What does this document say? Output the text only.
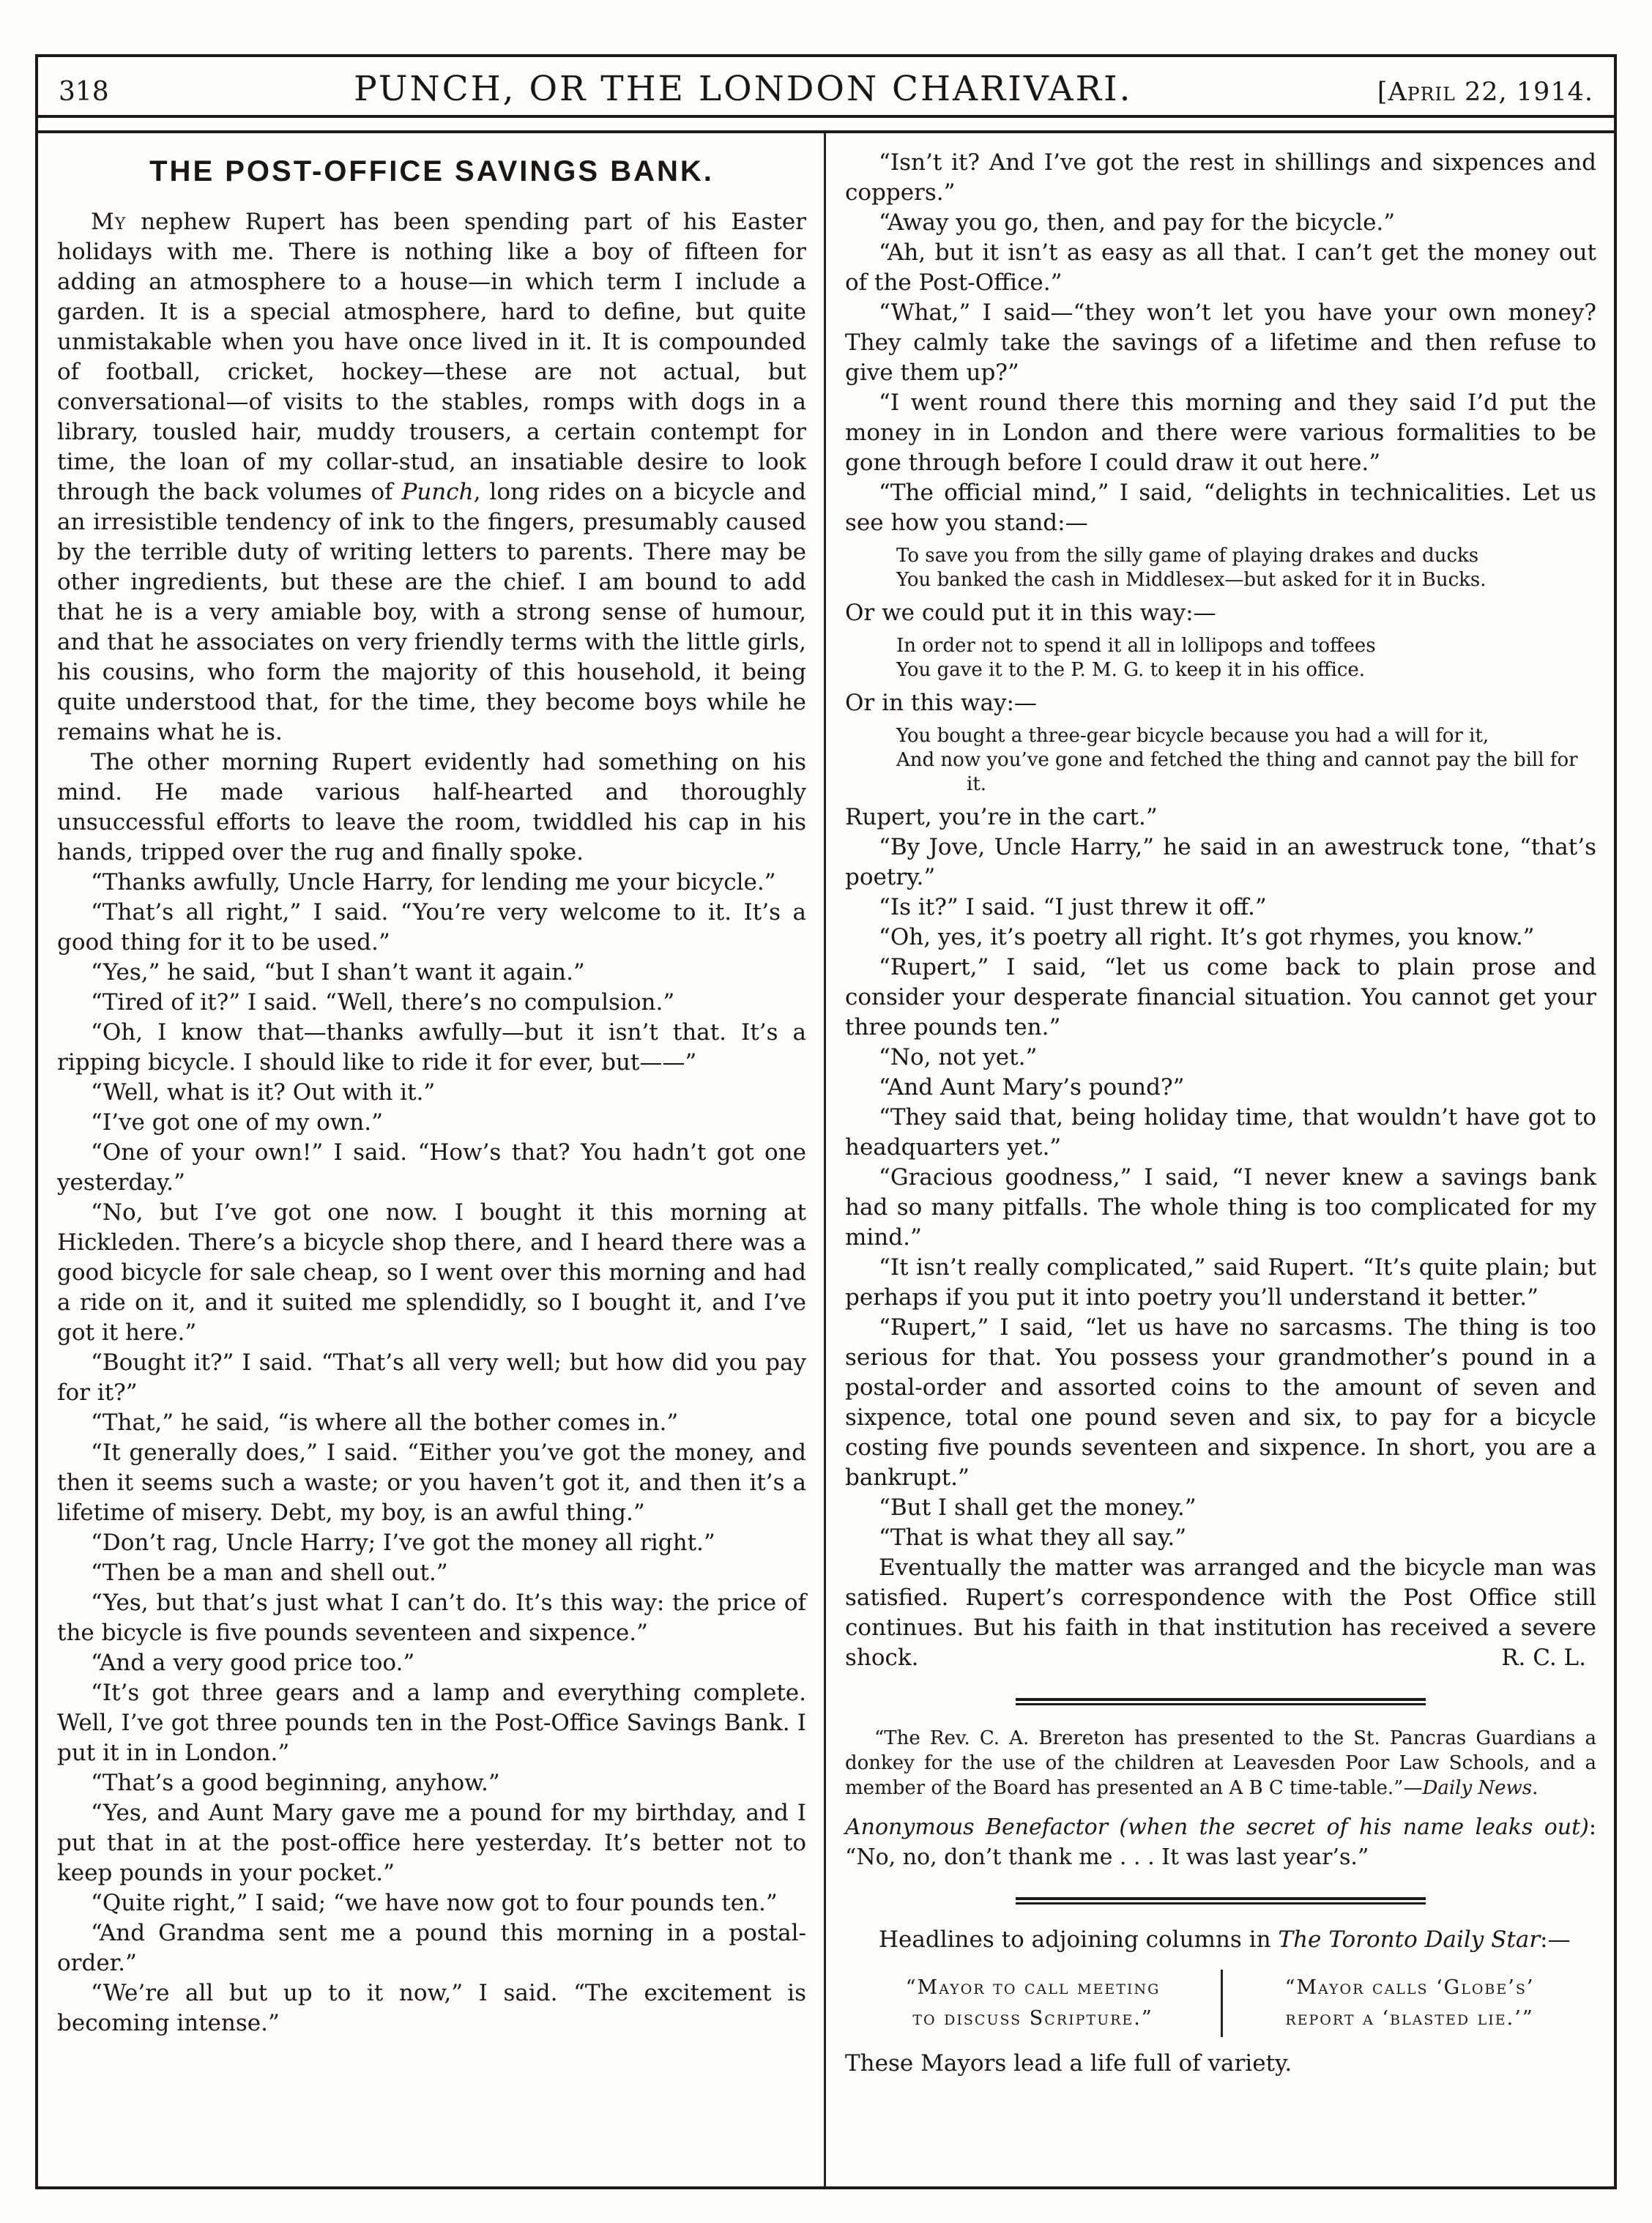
318	PUNCH, OR THE LONDON CHARIVARI.	[April 22, 1914.
THE POST-OFFICE SAVINGS BANK.

My nephew Rupert has been spending part of his Easter holidays with me. There is nothing like a boy of fifteen for adding an atmosphere to a house—in which term I include a garden. It is a special atmosphere, hard to define, but quite unmistakable when you have once lived in it. It is compounded of football, cricket, hockey—these are not actual, but conversational—of visits to the stables, romps with dogs in a library, tousled hair, muddy trousers, a certain contempt for time, the loan of my collar-stud, an insatiable desire to look through the back volumes of Punch, long rides on a bicycle and an irresistible tendency of ink to the fingers, presumably caused by the terrible duty of writing letters to parents. There may be other ingredients, but these are the chief. I am bound to add that he is a very amiable boy, with a strong sense of humour, and that he associates on very friendly terms with the little girls, his cousins, who form the majority of this household, it being quite understood that, for the time, they become boys while he remains what he is.

The other morning Rupert evidently had something on his mind. He made various half-hearted and thoroughly unsuccessful efforts to leave the room, twiddled his cap in his hands, tripped over the rug and finally spoke.

“Thanks awfully, Uncle Harry, for lending me your bicycle.”

“That’s all right,” I said. “You’re very welcome to it. It’s a good thing for it to be used.”

“Yes,” he said, “but I shan’t want it again.”

“Tired of it?” I said. “Well, there’s no compulsion.”

“Oh, I know that—thanks awfully—but it isn’t that. It’s a ripping bicycle. I should like to ride it for ever, but——”

“Well, what is it? Out with it.”

“I’ve got one of my own.”

“One of your own!” I said. “How’s that? You hadn’t got one yesterday.”

“No, but I’ve got one now. I bought it this morning at Hickleden. There’s a bicycle shop there, and I heard there was a good bicycle for sale cheap, so I went over this morning and had a ride on it, and it suited me splendidly, so I bought it, and I’ve got it here.”

“Bought it?” I said. “That’s all very well; but how did you pay for it?”

“That,” he said, “is where all the bother comes in.”

“It generally does,” I said. “Either you’ve got the money, and then it seems such a waste; or you haven’t got it, and then it’s a lifetime of misery. Debt, my boy, is an awful thing.”

“Don’t rag, Uncle Harry; I’ve got the money all right.”

“Then be a man and shell out.”

“Yes, but that’s just what I can’t do. It’s this way: the price of the bicycle is five pounds seventeen and sixpence.”

“And a very good price too.”

“It’s got three gears and a lamp and everything complete. Well, I’ve got three pounds ten in the Post-Office Savings Bank. I put it in in London.”

“That’s a good beginning, anyhow.”

“Yes, and Aunt Mary gave me a pound for my birthday, and I put that in at the post-office here yesterday. It’s better not to keep pounds in your pocket.”

“Quite right,” I said; “we have now got to four pounds ten.”

“And Grandma sent me a pound this morning in a postal-order.”

“We’re all but up to it now,” I said. “The excitement is becoming intense.”

“Isn’t it? And I’ve got the rest in shillings and sixpences and coppers.”

“Away you go, then, and pay for the bicycle.”

“Ah, but it isn’t as easy as all that. I can’t get the money out of the Post-Office.”

“What,” I said—“they won’t let you have your own money? They calmly take the savings of a lifetime and then refuse to give them up?”

“I went round there this morning and they said I’d put the money in in London and there were various formalities to be gone through before I could draw it out here.”

“The official mind,” I said, “delights in technicalities. Let us see how you stand:—

To save you from the silly game of playing drakes and ducks
You banked the cash in Middlesex—but asked for it in Bucks.

Or we could put it in this way:—

In order not to spend it all in lollipops and toffees
You gave it to the P. M. G. to keep it in his office.

Or in this way:—

You bought a three-gear bicycle because you had a will for it,
And now you’ve gone and fetched the thing and cannot pay the bill for it.

Rupert, you’re in the cart.”

“By Jove, Uncle Harry,” he said in an awestruck tone, “that’s poetry.”

“Is it?” I said. “I just threw it off.”

“Oh, yes, it’s poetry all right. It’s got rhymes, you know.”

“Rupert,” I said, “let us come back to plain prose and consider your desperate financial situation. You cannot get your three pounds ten.”

“No, not yet.”

“And Aunt Mary’s pound?”

“They said that, being holiday time, that wouldn’t have got to headquarters yet.”

“Gracious goodness,” I said, “I never knew a savings bank had so many pitfalls. The whole thing is too complicated for my mind.”

“It isn’t really complicated,” said Rupert. “It’s quite plain; but perhaps if you put it into poetry you’ll understand it better.”

“Rupert,” I said, “let us have no sarcasms. The thing is too serious for that. You possess your grandmother’s pound in a postal-order and assorted coins to the amount of seven and sixpence, total one pound seven and six, to pay for a bicycle costing five pounds seventeen and sixpence. In short, you are a bankrupt.”

“But I shall get the money.”

“That is what they all say.”

Eventually the matter was arranged and the bicycle man was satisfied. Rupert’s correspondence with the Post Office still continues. But his faith in that institution has received a severe shock.	R. C. L.

“The Rev. C. A. Brereton has presented to the St. Pancras Guardians a donkey for the use of the children at Leavesden Poor Law Schools, and a member of the Board has presented an A B C time-table.”—Daily News.

Anonymous Benefactor (when the secret of his name leaks out): “No, no, don’t thank me . . . It was last year’s.”

Headlines to adjoining columns in The Toronto Daily Star:—

“Mayor to call meeting
to discuss Scripture.”
“Mayor calls ‘Globe’s’
report a ‘blasted lie.’”

These Mayors lead a life full of variety.
